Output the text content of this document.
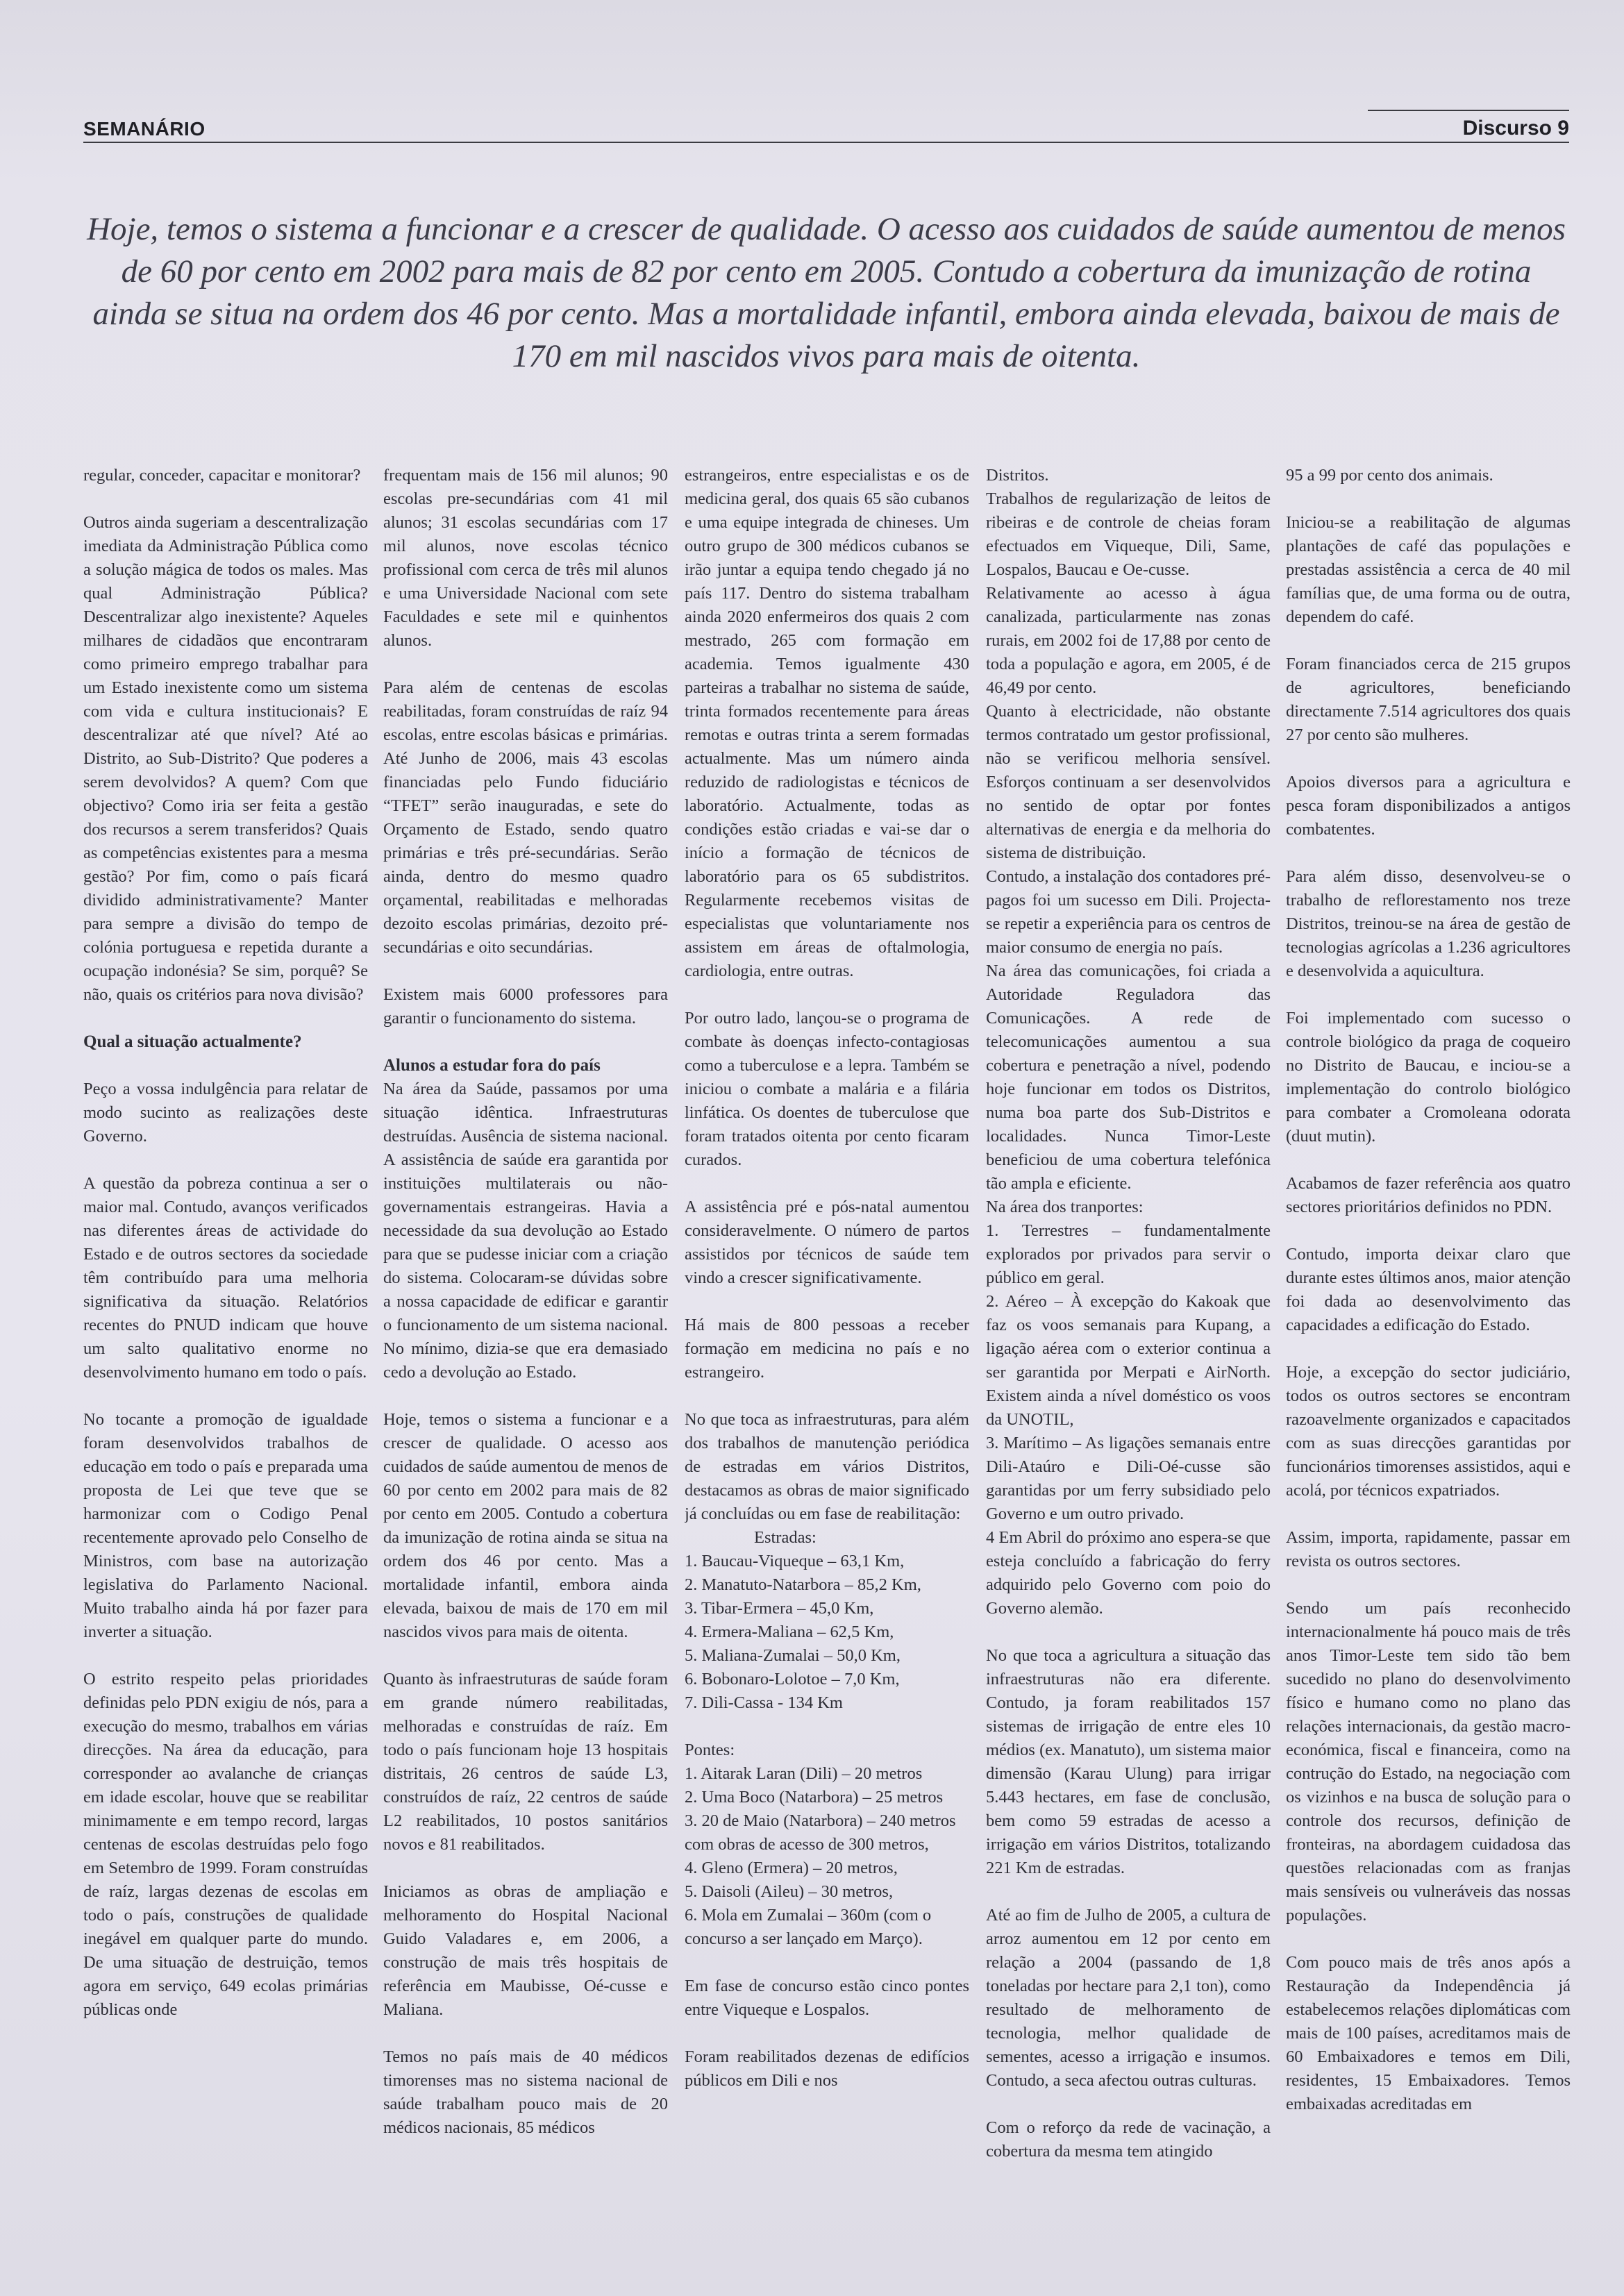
SEMANÁRIO	Discurso 9

Hoje, temos o sistema a funcionar e a crescer de qualidade. O acesso aos cuidados de saúde aumentou de menos de 60 por cento em 2002 para mais de 82 por cento em 2005. Contudo a cobertura da imunização de rotina ainda se situa na ordem dos 46 por cento. Mas a mortalidade infantil, embora ainda elevada, baixou de mais de 170 em mil nascidos vivos para mais de oitenta.

regular, conceder, capacitar e monitorar?

Outros ainda sugeriam a descentralização imediata da Administração Pública como a solução mágica de todos os males. Mas qual Administração Pública? Descentralizar algo inexistente? Aqueles milhares de cidadãos que encontraram como primeiro emprego trabalhar para um Estado inexistente como um sistema com vida e cultura institucionais? E descentralizar até que nível? Até ao Distrito, ao Sub-Distrito? Que poderes a serem devolvidos? A quem? Com que objectivo? Como iria ser feita a gestão dos recursos a serem transferidos? Quais as competências existentes para a mesma gestão? Por fim, como o país ficará dividido administrativamente? Manter para sempre a divisão do tempo de colónia portuguesa e repetida durante a ocupação indonésia? Se sim, porquê? Se não, quais os critérios para nova divisão?

Qual a situação actualmente?

Peço a vossa indulgência para relatar de modo sucinto as realizações deste Governo.

A questão da pobreza continua a ser o maior mal. Contudo, avanços verificados nas diferentes áreas de actividade do Estado e de outros sectores da sociedade têm contribuído para uma melhoria significativa da situação. Relatórios recentes do PNUD indicam que houve um salto qualitativo enorme no desenvolvimento humano em todo o país.

No tocante a promoção de igualdade foram desenvolvidos trabalhos de educação em todo o país e preparada uma proposta de Lei que teve que se harmonizar com o Codigo Penal recentemente aprovado pelo Conselho de Ministros, com base na autorização legislativa do Parlamento Nacional. Muito trabalho ainda há por fazer para inverter a situação.

O estrito respeito pelas prioridades definidas pelo PDN exigiu de nós, para a execução do mesmo, trabalhos em várias direcções. Na área da educação, para corresponder ao avalanche de crianças em idade escolar, houve que se reabilitar minimamente e em tempo record, largas centenas de escolas destruídas pelo fogo em Setembro de 1999. Foram construídas de raíz, largas dezenas de escolas em todo o país, construções de qualidade inegável em qualquer parte do mundo. De uma situação de destruição, temos agora em serviço, 649 ecolas primárias públicas onde

frequentam mais de 156 mil alunos; 90 escolas pre-secundárias com 41 mil alunos; 31 escolas secundárias com 17 mil alunos, nove escolas técnico profissional com cerca de três mil alunos e uma Universidade Nacional com sete Faculdades e sete mil e quinhentos alunos.

Para além de centenas de escolas reabilitadas, foram construídas de raíz 94 escolas, entre escolas básicas e primárias. Até Junho de 2006, mais 43 escolas financiadas pelo Fundo fiduciário “TFET” serão inauguradas, e sete do Orçamento de Estado, sendo quatro primárias e três pré-secundárias. Serão ainda, dentro do mesmo quadro orçamental, reabilitadas e melhoradas dezoito escolas primárias, dezoito pré-secundárias e oito secundárias.

Existem mais 6000 professores para garantir o funcionamento do sistema.

Alunos a estudar fora do país

Na área da Saúde, passamos por uma situação idêntica. Infraestruturas destruídas. Ausência de sistema nacional. A assistência de saúde era garantida por instituições multilaterais ou não-governamentais estrangeiras. Havia a necessidade da sua devolução ao Estado para que se pudesse iniciar com a criação do sistema. Colocaram-se dúvidas sobre a nossa capacidade de edificar e garantir o funcionamento de um sistema nacional. No mínimo, dizia-se que era demasiado cedo a devolução ao Estado.

Hoje, temos o sistema a funcionar e a crescer de qualidade. O acesso aos cuidados de saúde aumentou de menos de 60 por cento em 2002 para mais de 82 por cento em 2005. Contudo a cobertura da imunização de rotina ainda se situa na ordem dos 46 por cento. Mas a mortalidade infantil, embora ainda elevada, baixou de mais de 170 em mil nascidos vivos para mais de oitenta.

Quanto às infraestruturas de saúde foram em grande número reabilitadas, melhoradas e construídas de raíz. Em todo o país funcionam hoje 13 hospitais distritais, 26 centros de saúde L3, construídos de raíz, 22 centros de saúde L2 reabilitados, 10 postos sanitários novos e 81 reabilitados.

Iniciamos as obras de ampliação e melhoramento do Hospital Nacional Guido Valadares e, em 2006, a construção de mais três hospitais de referência em Maubisse, Oé-cusse e Maliana.

Temos no país mais de 40 médicos timorenses mas no sistema nacional de saúde trabalham pouco mais de 20 médicos nacionais, 85 médicos

estrangeiros, entre especialistas e os de medicina geral, dos quais 65 são cubanos e uma equipe integrada de chineses. Um outro grupo de 300 médicos cubanos se irão juntar a equipa tendo chegado já no país 117. Dentro do sistema trabalham ainda 2020 enfermeiros dos quais 2 com mestrado, 265 com formação em academia. Temos igualmente 430 parteiras a trabalhar no sistema de saúde, trinta formados recentemente para áreas remotas e outras trinta a serem formadas actualmente. Mas um número ainda reduzido de radiologistas e técnicos de laboratório. Actualmente, todas as condições estão criadas e vai-se dar o início a formação de técnicos de laboratório para os 65 subdistritos. Regularmente recebemos visitas de especialistas que voluntariamente nos assistem em áreas de oftalmologia, cardiologia, entre outras.

Por outro lado, lançou-se o programa de combate às doenças infecto-contagiosas como a tuberculose e a lepra. Também se iniciou o combate a malária e a filária linfática. Os doentes de tuberculose que foram tratados oitenta por cento ficaram curados.

A assistência pré e pós-natal aumentou consideravelmente. O número de partos assistidos por técnicos de saúde tem vindo a crescer significativamente.

Há mais de 800 pessoas a receber formação em medicina no país e no estrangeiro.

No que toca as infraestruturas, para além dos trabalhos de manutenção periódica de estradas em vários Distritos, destacamos as obras de maior significado já concluídas ou em fase de reabilitação:

Estradas:
1. Baucau-Viqueque – 63,1 Km,
2. Manatuto-Natarbora – 85,2 Km,
3. Tibar-Ermera – 45,0 Km,
4. Ermera-Maliana – 62,5 Km,
5. Maliana-Zumalai – 50,0 Km,
6. Bobonaro-Lolotoe – 7,0 Km,
7. Dili-Cassa - 134 Km
Pontes:
1. Aitarak Laran (Dili) – 20 metros
2. Uma Boco (Natarbora) – 25 metros
3. 20 de Maio (Natarbora) – 240 metros com obras de acesso de 300 metros,
4. Gleno (Ermera) – 20 metros,
5. Daisoli (Aileu) – 30 metros,
6. Mola em Zumalai – 360m (com o concurso a ser lançado em Março).

Em fase de concurso estão cinco pontes entre Viqueque e Lospalos.

Foram reabilitados dezenas de edifícios públicos em Dili e nos

Distritos.

Trabalhos de regularização de leitos de ribeiras e de controle de cheias foram efectuados em Viqueque, Dili, Same, Lospalos, Baucau e Oe-cusse.

Relativamente ao acesso à água canalizada, particularmente nas zonas rurais, em 2002 foi de 17,88 por cento de toda a população e agora, em 2005, é de 46,49 por cento.

Quanto à electricidade, não obstante termos contratado um gestor profissional, não se verificou melhoria sensível. Esforços continuam a ser desenvolvidos no sentido de optar por fontes alternativas de energia e da melhoria do sistema de distribuição.

Contudo, a instalação dos contadores pré-pagos foi um sucesso em Dili. Projecta-se repetir a experiência para os centros de maior consumo de energia no país.

Na área das comunicações, foi criada a Autoridade Reguladora das Comunicações. A rede de telecomunicações aumentou a sua cobertura e penetração a nível, podendo hoje funcionar em todos os Distritos, numa boa parte dos Sub-Distritos e localidades. Nunca Timor-Leste beneficiou de uma cobertura telefónica tão ampla e eficiente.

Na área dos tranportes:

1. Terrestres – fundamentalmente explorados por privados para servir o público em geral.

2. Aéreo – À excepção do Kakoak que faz os voos semanais para Kupang, a ligação aérea com o exterior continua a ser garantida por Merpati e AirNorth. Existem ainda a nível doméstico os voos da UNOTIL,

3. Marítimo – As ligações semanais entre Dili-Ataúro e Dili-Oé-cusse são garantidas por um ferry subsidiado pelo Governo e um outro privado.

4 Em Abril do próximo ano espera-se que esteja concluído a fabricação do ferry adquirido pelo Governo com poio do Governo alemão.

No que toca a agricultura a situação das infraestruturas não era diferente. Contudo, ja foram reabilitados 157 sistemas de irrigação de entre eles 10 médios (ex. Manatuto), um sistema maior dimensão (Karau Ulung) para irrigar 5.443 hectares, em fase de conclusão, bem como 59 estradas de acesso a irrigação em vários Distritos, totalizando 221 Km de estradas.

Até ao fim de Julho de 2005, a cultura de arroz aumentou em 12 por cento em relação a 2004 (passando de 1,8 toneladas por hectare para 2,1 ton), como resultado de melhoramento de tecnologia, melhor qualidade de sementes, acesso a irrigação e insumos. Contudo, a seca afectou outras culturas.

Com o reforço da rede de vacinação, a cobertura da mesma tem atingido

95 a 99 por cento dos animais.

Iniciou-se a reabilitação de algumas plantações de café das populações e prestadas assistência a cerca de 40 mil famílias que, de uma forma ou de outra, dependem do café.

Foram financiados cerca de 215 grupos de agricultores, beneficiando directamente 7.514 agricultores dos quais 27 por cento são mulheres.

Apoios diversos para a agricultura e pesca foram disponibilizados a antigos combatentes.

Para além disso, desenvolveu-se o trabalho de reflorestamento nos treze Distritos, treinou-se na área de gestão de tecnologias agrícolas a 1.236 agricultores e desenvolvida a aquicultura.

Foi implementado com sucesso o controle biológico da praga de coqueiro no Distrito de Baucau, e inciou-se a implementação do controlo biológico para combater a Cromoleana odorata (duut mutin).

Acabamos de fazer referência aos quatro sectores prioritários definidos no PDN.

Contudo, importa deixar claro que durante estes últimos anos, maior atenção foi dada ao desenvolvimento das capacidades a edificação do Estado.

Hoje, a excepção do sector judiciário, todos os outros sectores se encontram razoavelmente organizados e capacitados com as suas direcções garantidas por funcionários timorenses assistidos, aqui e acolá, por técnicos expatriados.

Assim, importa, rapidamente, passar em revista os outros sectores.

Sendo um país reconhecido internacionalmente há pouco mais de três anos Timor-Leste tem sido tão bem sucedido no plano do desenvolvimento físico e humano como no plano das relações internacionais, da gestão macro-económica, fiscal e financeira, como na contrução do Estado, na negociação com os vizinhos e na busca de solução para o controle dos recursos, definição de fronteiras, na abordagem cuidadosa das questões relacionadas com as franjas mais sensíveis ou vulneráveis das nossas populações.

Com pouco mais de três anos após a Restauração da Independência já estabelecemos relações diplomáticas com mais de 100 países, acreditamos mais de 60 Embaixadores e temos em Dili, residentes, 15 Embaixadores. Temos embaixadas acreditadas em
